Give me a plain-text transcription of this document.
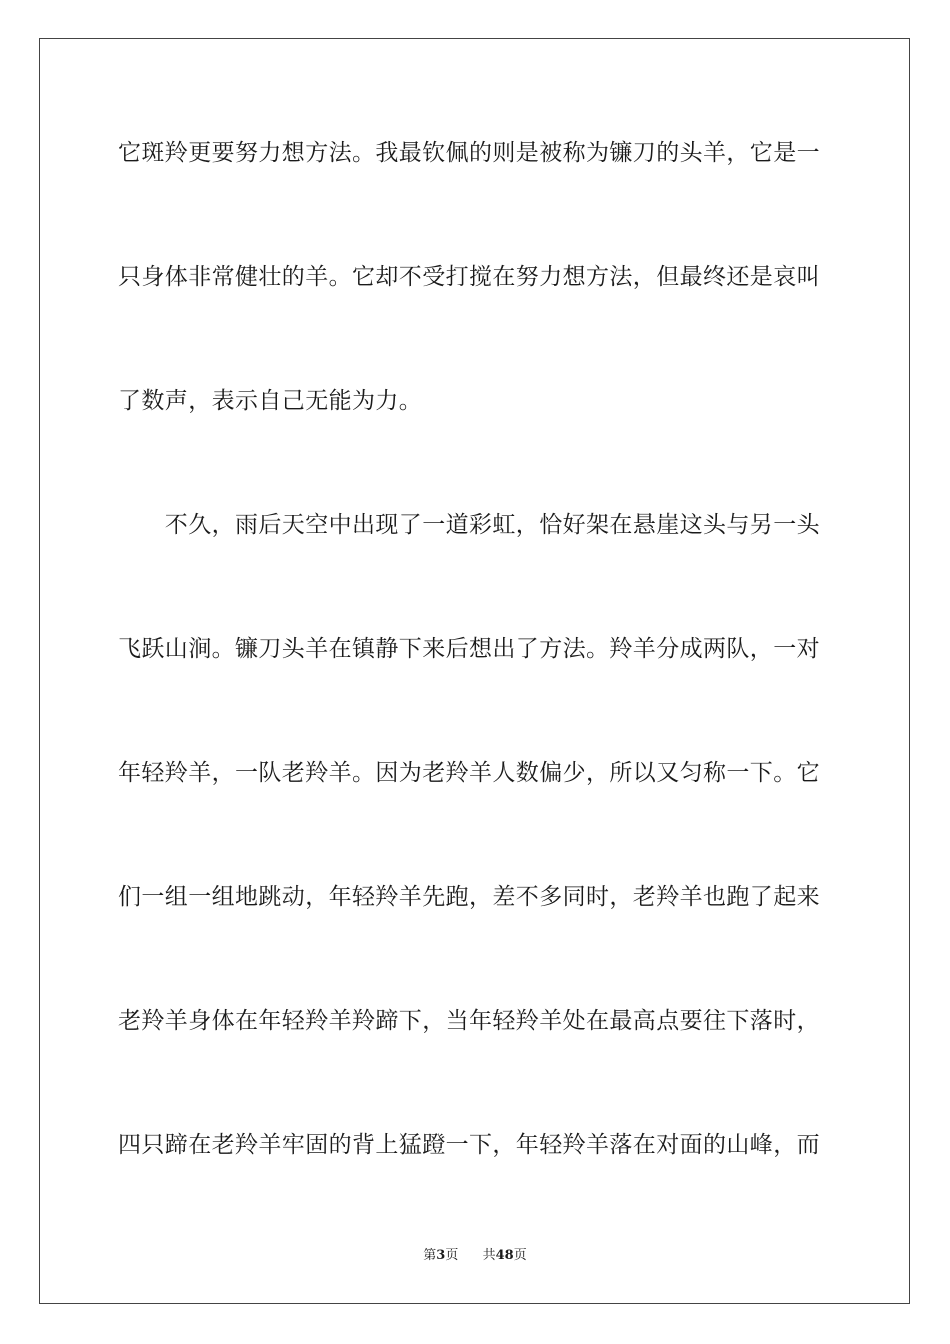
它斑羚更要努力想方法。我最钦佩的则是被称为镰刀的头羊，它是一
只身体非常健壮的羊。它却不受打搅在努力想方法，但最终还是哀叫
了数声，表示自己无能为力。
　　不久，雨后天空中出现了一道彩虹，恰好架在悬崖这头与另一头
飞跃山涧。镰刀头羊在镇静下来后想出了方法。羚羊分成两队，一对
年轻羚羊，一队老羚羊。因为老羚羊人数偏少，所以又匀称一下。它
们一组一组地跳动，年轻羚羊先跑，差不多同时，老羚羊也跑了起来
老羚羊身体在年轻羚羊羚蹄下，当年轻羚羊处在最高点要往下落时，
四只蹄在老羚羊牢固的背上猛蹬一下，年轻羚羊落在对面的山峰，而
第3页 共48页
